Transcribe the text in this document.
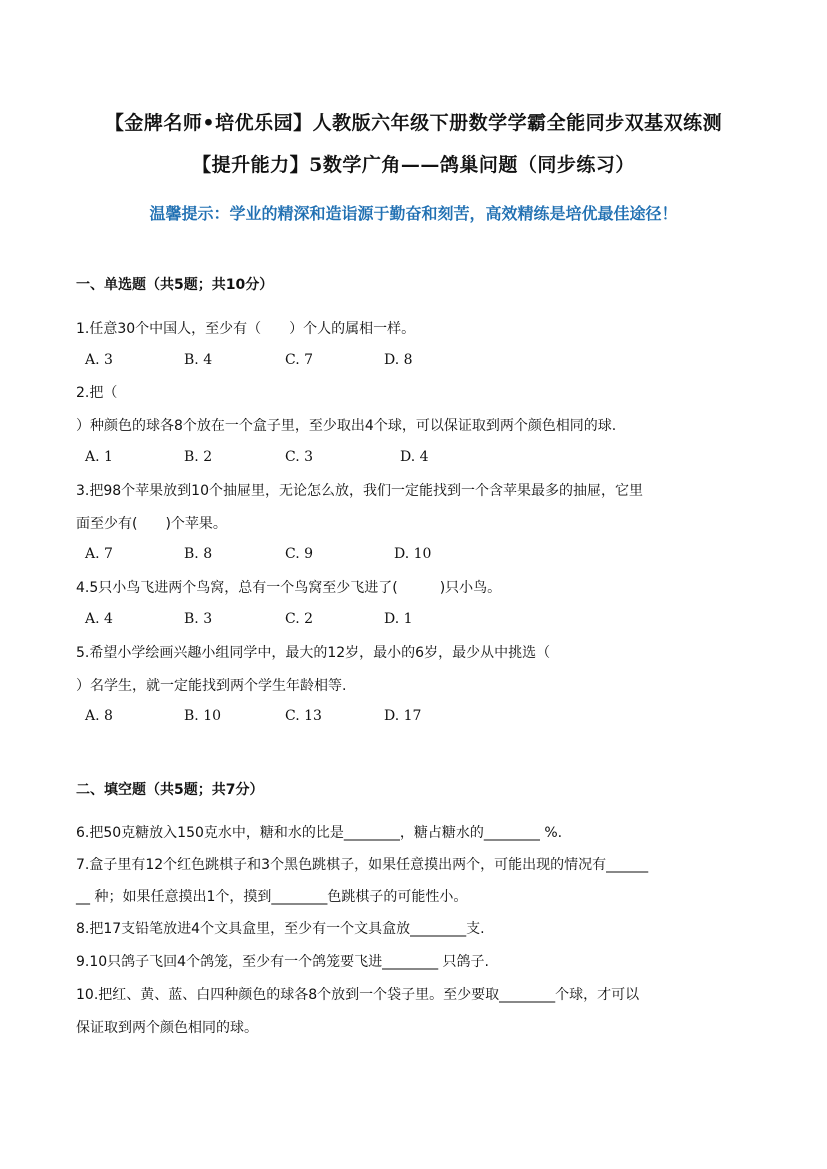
【金牌名师•培优乐园】人教版六年级下册数学学霸全能同步双基双练测
【提升能力】5数学广角——鸽巢问题（同步练习）
温馨提示：学业的精深和造诣源于勤奋和刻苦，高效精练是培优最佳途径！
一、单选题（共5题；共10分）
1.任意30个中国人，至少有（　　）个人的属相一样。
A. 3	B. 4	C. 7	D. 8
2.把（
）种颜色的球各8个放在一个盒子里，至少取出4个球，可以保证取到两个颜色相同的球.
A. 1	B. 2	C. 3	D. 4
3.把98个苹果放到10个抽屉里，无论怎么放，我们一定能找到一个含苹果最多的抽屉，它里
面至少有(　　)个苹果。
A. 7	B. 8	C. 9	D. 10
4.5只小鸟飞进两个鸟窝，总有一个鸟窝至少飞进了(　　　)只小鸟。
A. 4	B. 3	C. 2	D. 1
5.希望小学绘画兴趣小组同学中，最大的12岁，最小的6岁，最少从中挑选（
）名学生，就一定能找到两个学生年龄相等.
A. 8	B. 10	C. 13	D. 17
二、填空题（共5题；共7分）
6.把50克糖放入150克水中，糖和水的比是________，糖占糖水的________ %.
7.盒子里有12个红色跳棋子和3个黑色跳棋子，如果任意摸出两个，可能出现的情况有______
__ 种；如果任意摸出1个，摸到________色跳棋子的可能性小。
8.把17支铅笔放进4个文具盒里，至少有一个文具盒放________支.
9.10只鸽子飞回4个鸽笼，至少有一个鸽笼要飞进________ 只鸽子.
10.把红、黄、蓝、白四种颜色的球各8个放到一个袋子里。至少要取________个球，才可以
保证取到两个颜色相同的球。
